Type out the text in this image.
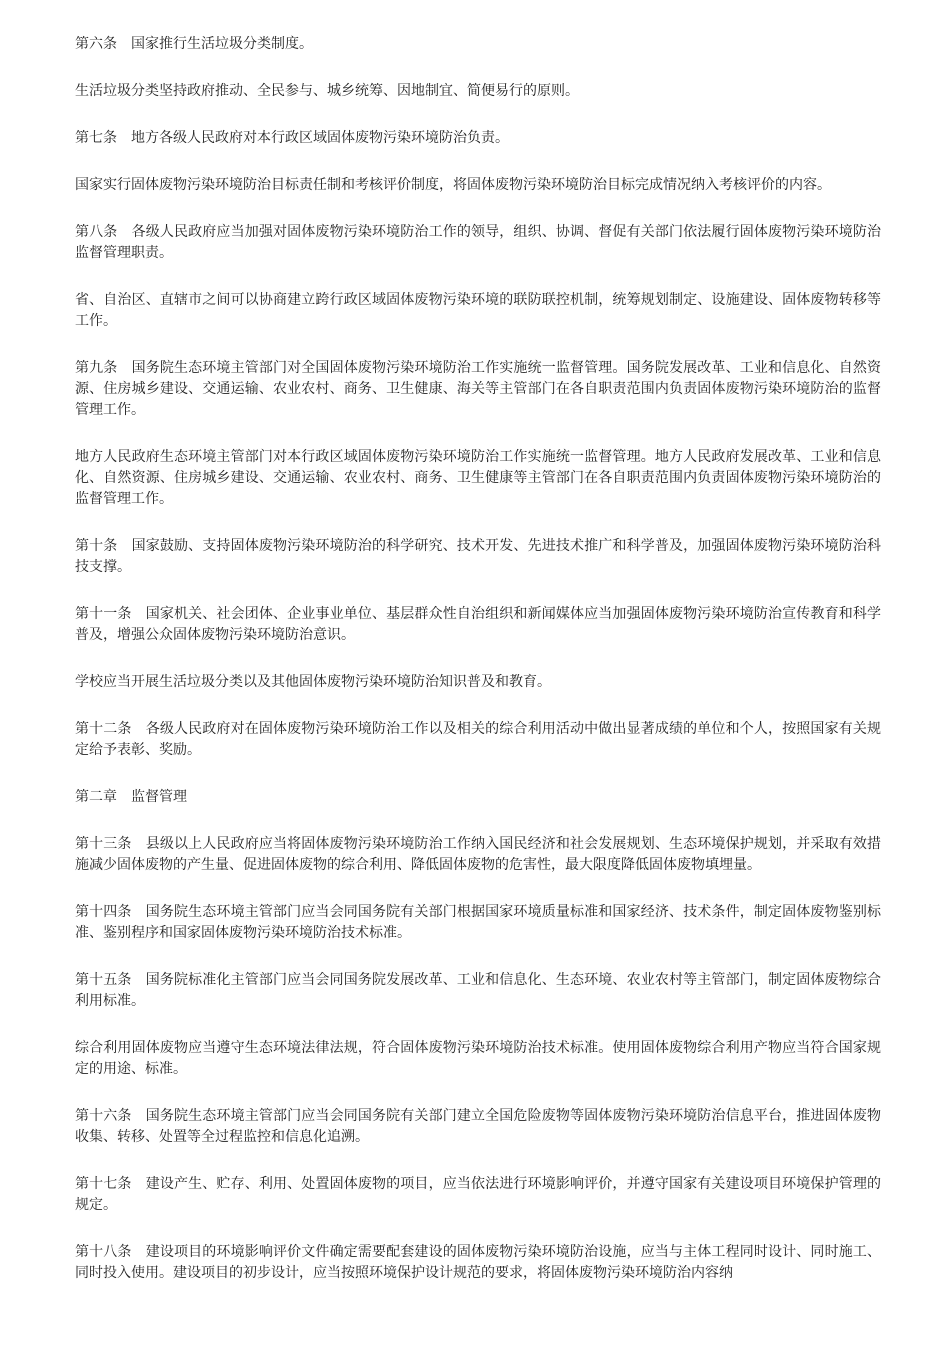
第六条　国家推行生活垃圾分类制度。

生活垃圾分类坚持政府推动、全民参与、城乡统筹、因地制宜、简便易行的原则。

第七条　地方各级人民政府对本行政区域固体废物污染环境防治负责。

国家实行固体废物污染环境防治目标责任制和考核评价制度，将固体废物污染环境防治目标完成情况纳入考核评价的内容。

第八条　各级人民政府应当加强对固体废物污染环境防治工作的领导，组织、协调、督促有关部门依法履行固体废物污染环境防治监督管理职责。

省、自治区、直辖市之间可以协商建立跨行政区域固体废物污染环境的联防联控机制，统筹规划制定、设施建设、固体废物转移等工作。

第九条　国务院生态环境主管部门对全国固体废物污染环境防治工作实施统一监督管理。国务院发展改革、工业和信息化、自然资源、住房城乡建设、交通运输、农业农村、商务、卫生健康、海关等主管部门在各自职责范围内负责固体废物污染环境防治的监督管理工作。

地方人民政府生态环境主管部门对本行政区域固体废物污染环境防治工作实施统一监督管理。地方人民政府发展改革、工业和信息化、自然资源、住房城乡建设、交通运输、农业农村、商务、卫生健康等主管部门在各自职责范围内负责固体废物污染环境防治的监督管理工作。

第十条　国家鼓励、支持固体废物污染环境防治的科学研究、技术开发、先进技术推广和科学普及，加强固体废物污染环境防治科技支撑。

第十一条　国家机关、社会团体、企业事业单位、基层群众性自治组织和新闻媒体应当加强固体废物污染环境防治宣传教育和科学普及，增强公众固体废物污染环境防治意识。

学校应当开展生活垃圾分类以及其他固体废物污染环境防治知识普及和教育。

第十二条　各级人民政府对在固体废物污染环境防治工作以及相关的综合利用活动中做出显著成绩的单位和个人，按照国家有关规定给予表彰、奖励。

第二章　监督管理

第十三条　县级以上人民政府应当将固体废物污染环境防治工作纳入国民经济和社会发展规划、生态环境保护规划，并采取有效措施减少固体废物的产生量、促进固体废物的综合利用、降低固体废物的危害性，最大限度降低固体废物填埋量。

第十四条　国务院生态环境主管部门应当会同国务院有关部门根据国家环境质量标准和国家经济、技术条件，制定固体废物鉴别标准、鉴别程序和国家固体废物污染环境防治技术标准。

第十五条　国务院标准化主管部门应当会同国务院发展改革、工业和信息化、生态环境、农业农村等主管部门，制定固体废物综合利用标准。

综合利用固体废物应当遵守生态环境法律法规，符合固体废物污染环境防治技术标准。使用固体废物综合利用产物应当符合国家规定的用途、标准。

第十六条　国务院生态环境主管部门应当会同国务院有关部门建立全国危险废物等固体废物污染环境防治信息平台，推进固体废物收集、转移、处置等全过程监控和信息化追溯。

第十七条　建设产生、贮存、利用、处置固体废物的项目，应当依法进行环境影响评价，并遵守国家有关建设项目环境保护管理的规定。

第十八条　建设项目的环境影响评价文件确定需要配套建设的固体废物污染环境防治设施，应当与主体工程同时设计、同时施工、同时投入使用。建设项目的初步设计，应当按照环境保护设计规范的要求，将固体废物污染环境防治内容纳
